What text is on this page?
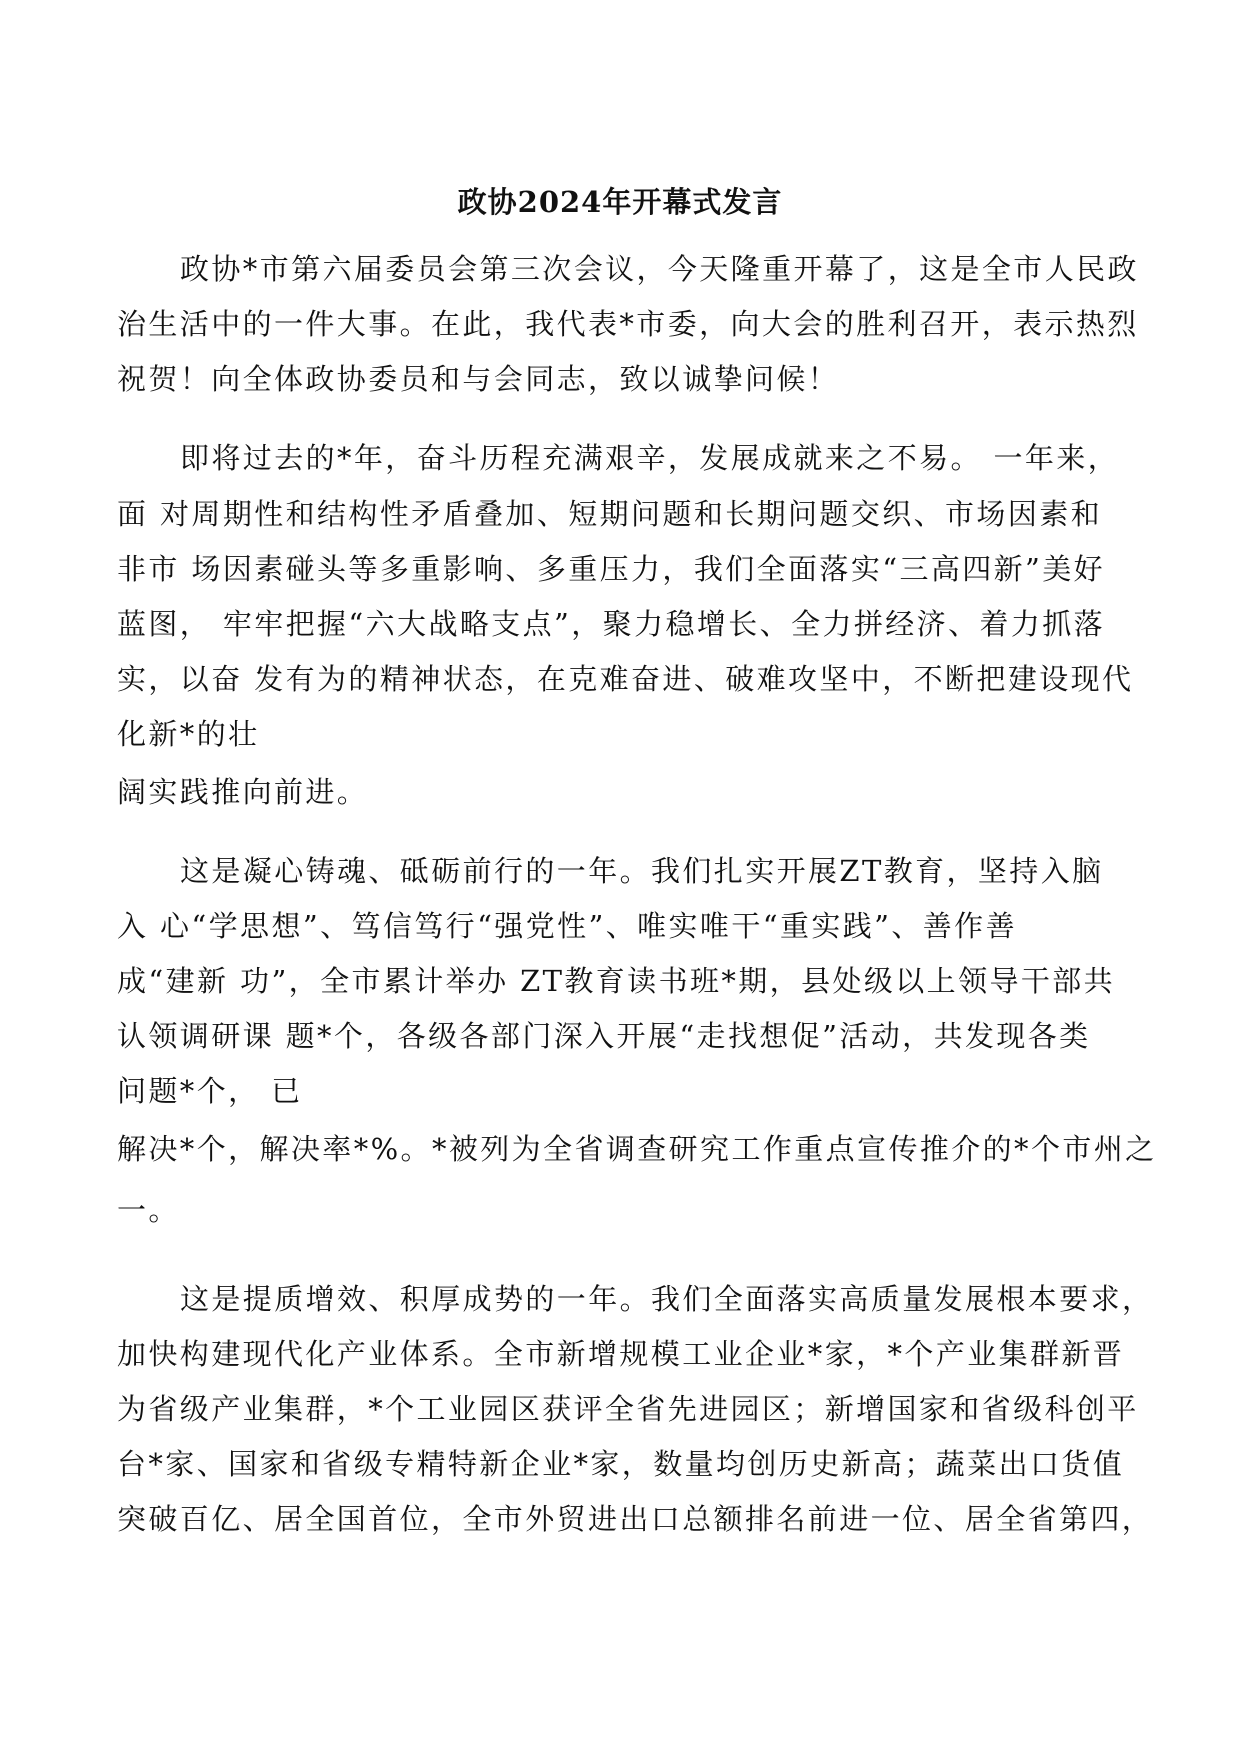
政协2024年开幕式发言
政协*市第六届委员会第三次会议，今天隆重开幕了，这是全市人民政
治生活中的一件大事。在此，我代表*市委，向大会的胜利召开，表示热烈
祝贺！向全体政协委员和与会同志，致以诚挚问候！
即将过去的*年，奋斗历程充满艰辛，发展成就来之不易。 一年来，
面 对周期性和结构性矛盾叠加、短期问题和长期问题交织、市场因素和
非市 场因素碰头等多重影响、多重压力，我们全面落实“三高四新”美好
蓝图， 牢牢把握“六大战略支点”，聚力稳增长、全力拼经济、着力抓落
实，以奋 发有为的精神状态，在克难奋进、破难攻坚中，不断把建设现代
化新*的壮
阔实践推向前进。
这是凝心铸魂、砥砺前行的一年。我们扎实开展ZT教育，坚持入脑
入 心“学思想”、笃信笃行“强党性”、唯实唯干“重实践”、善作善
成“建新 功”，全市累计举办 ZT教育读书班*期，县处级以上领导干部共
认领调研课 题*个，各级各部门深入开展“走找想促”活动，共发现各类
问题*个， 已
解决*个，解决率*%。*被列为全省调查研究工作重点宣传推介的*个市州之
一。
这是提质增效、积厚成势的一年。我们全面落实高质量发展根本要求，
加快构建现代化产业体系。全市新增规模工业企业*家，*个产业集群新晋
为省级产业集群，*个工业园区获评全省先进园区；新增国家和省级科创平
台*家、国家和省级专精特新企业*家，数量均创历史新高；蔬菜出口货值
突破百亿、居全国首位，全市外贸进出口总额排名前进一位、居全省第四，
